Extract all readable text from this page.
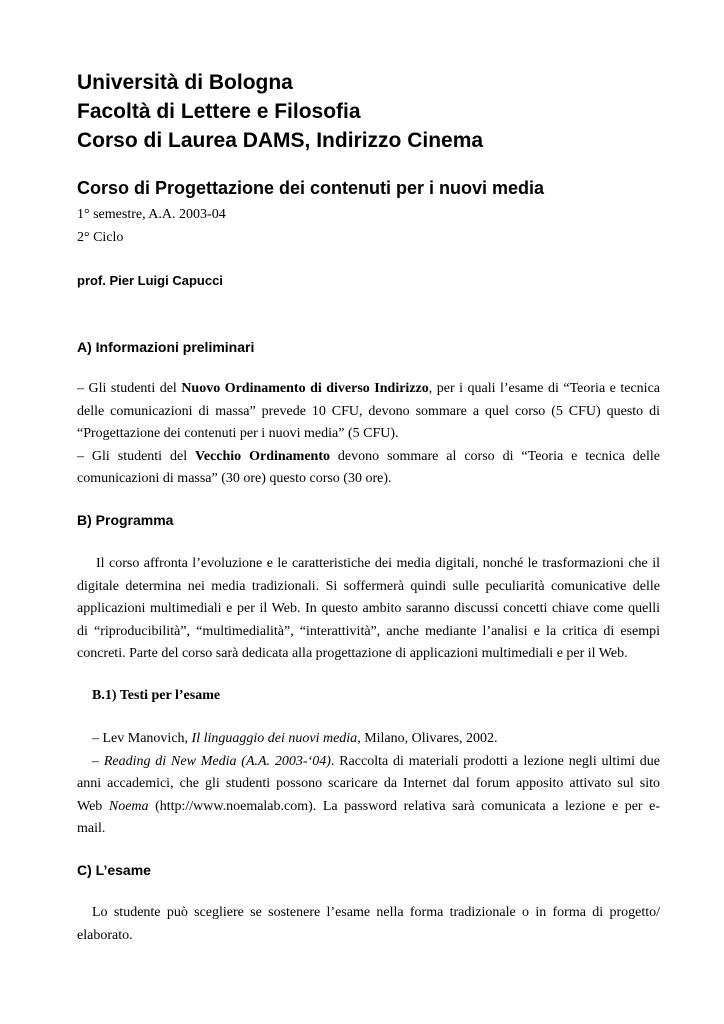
Università di Bologna
Facoltà di Lettere e Filosofia
Corso di Laurea DAMS, Indirizzo Cinema
Corso di Progettazione dei contenuti per i nuovi media
1° semestre, A.A. 2003-04
2° Ciclo
prof. Pier Luigi Capucci
A) Informazioni preliminari
– Gli studenti del Nuovo Ordinamento di diverso Indirizzo, per i quali l’esame di “Teoria e tecnica
delle comunicazioni di massa” prevede 10 CFU, devono sommare a quel corso (5 CFU) questo di
“Progettazione dei contenuti per i nuovi media” (5 CFU).
– Gli studenti del Vecchio Ordinamento devono sommare al corso di “Teoria e tecnica delle
comunicazioni di massa” (30 ore) questo corso (30 ore).
B) Programma
Il corso affronta l’evoluzione e le caratteristiche dei media digitali, nonché le trasformazioni che il
digitale determina nei media tradizionali. Si soffermerà quindi sulle peculiarità comunicative delle
applicazioni multimediali e per il Web. In questo ambito saranno discussi concetti chiave come quelli
di “riproducibilità”, “multimedialità”, “interattività”, anche mediante l’analisi e la critica di esempi
concreti. Parte del corso sarà dedicata alla progettazione di applicazioni multimediali e per il Web.
B.1) Testi per l’esame
– Lev Manovich, Il linguaggio dei nuovi media, Milano, Olivares, 2002.
– Reading di New Media (A.A. 2003-‘04). Raccolta di materiali prodotti a lezione negli ultimi due
anni accademici, che gli studenti possono scaricare da Internet dal forum apposito attivato sul sito
Web Noema (http://www.noemalab.com). La password relativa sarà comunicata a lezione e per e-
mail.
C) L’esame
Lo studente può scegliere se sostenere l’esame nella forma tradizionale o in forma di progetto/
elaborato.
